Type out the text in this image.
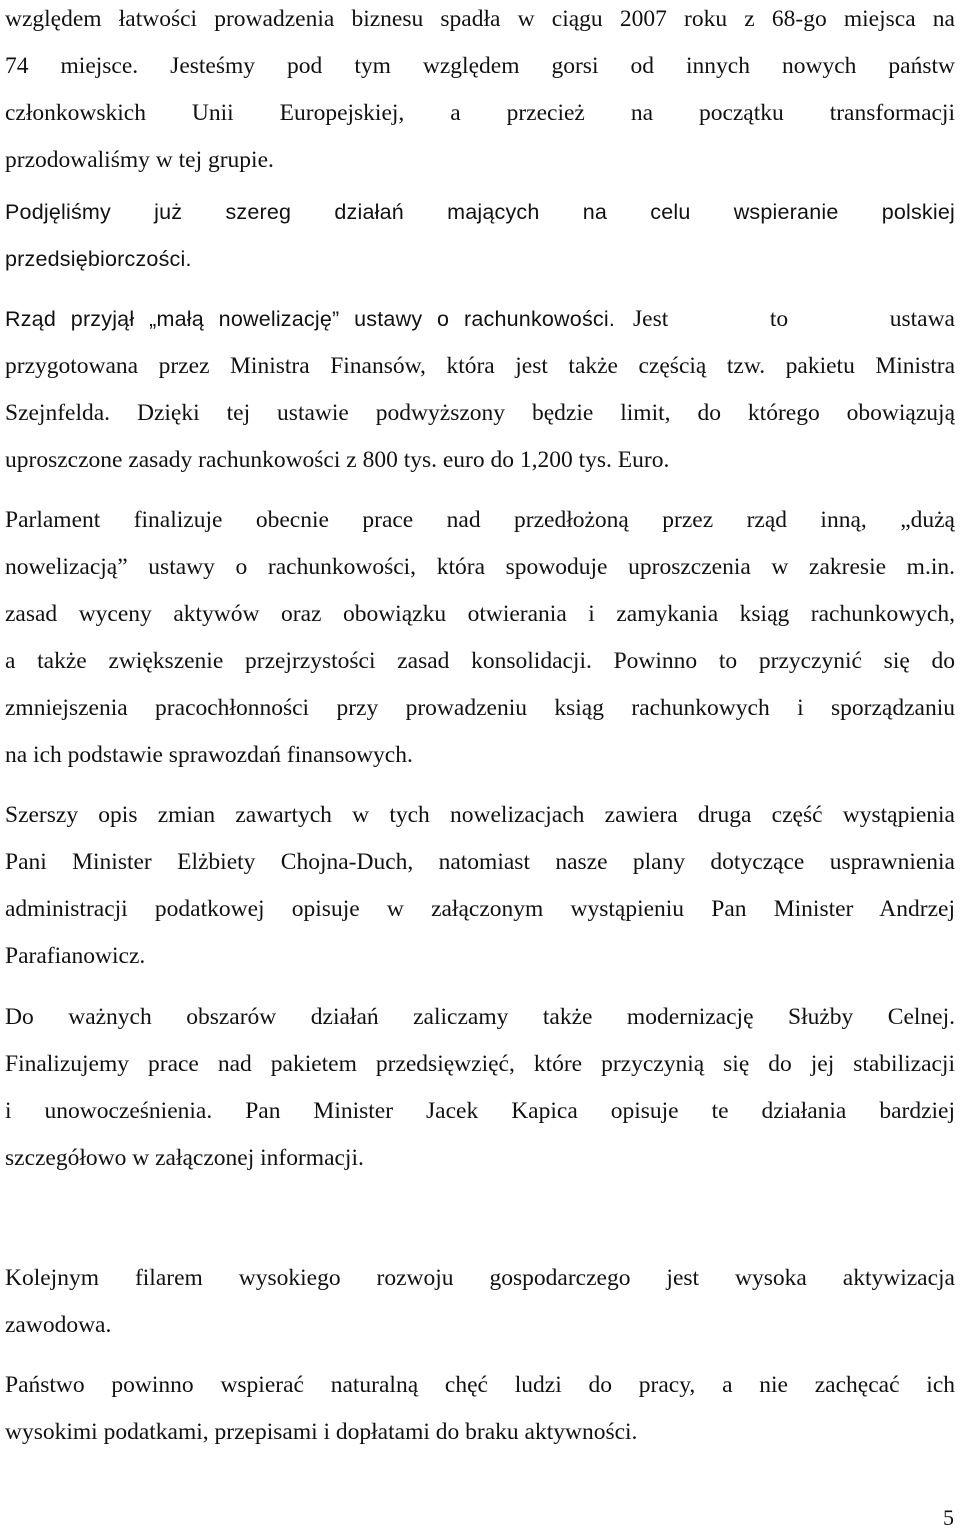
względem łatwości prowadzenia biznesu spadła w ciągu 2007 roku z 68-go miejsca na
74 miejsce. Jesteśmy pod tym względem gorsi od innych nowych państw
członkowskich Unii Europejskiej, a przecież na początku transformacji
przodowaliśmy w tej grupie.
Podjęliśmy już szereg działań mających na celu wspieranie polskiej
przedsiębiorczości.
Rząd przyjął „małą nowelizację” ustawy o rachunkowości. Jest to ustawa
przygotowana przez Ministra Finansów, która jest także częścią tzw. pakietu Ministra
Szejnfelda. Dzięki tej ustawie podwyższony będzie limit, do którego obowiązują
uproszczone zasady rachunkowości z 800 tys. euro do 1,200 tys. Euro.
Parlament finalizuje obecnie prace nad przedłożoną przez rząd inną, „dużą
nowelizacją” ustawy o rachunkowości, która spowoduje uproszczenia w zakresie m.in.
zasad wyceny aktywów oraz obowiązku otwierania i zamykania ksiąg rachunkowych,
a także zwiększenie przejrzystości zasad konsolidacji. Powinno to przyczynić się do
zmniejszenia pracochłonności przy prowadzeniu ksiąg rachunkowych i sporządzaniu
na ich podstawie sprawozdań finansowych.
Szerszy opis zmian zawartych w tych nowelizacjach zawiera druga część wystąpienia
Pani Minister Elżbiety Chojna-Duch, natomiast nasze plany dotyczące usprawnienia
administracji podatkowej opisuje w załączonym wystąpieniu Pan Minister Andrzej
Parafianowicz.
Do ważnych obszarów działań zaliczamy także modernizację Służby Celnej.
Finalizujemy prace nad pakietem przedsięwzięć, które przyczynią się do jej stabilizacji
i unowocześnienia. Pan Minister Jacek Kapica opisuje te działania bardziej
szczegółowo w załączonej informacji.
Kolejnym filarem wysokiego rozwoju gospodarczego jest wysoka aktywizacja
zawodowa.
Państwo powinno wspierać naturalną chęć ludzi do pracy, a nie zachęcać ich
wysokimi podatkami, przepisami i dopłatami do braku aktywności.

5
